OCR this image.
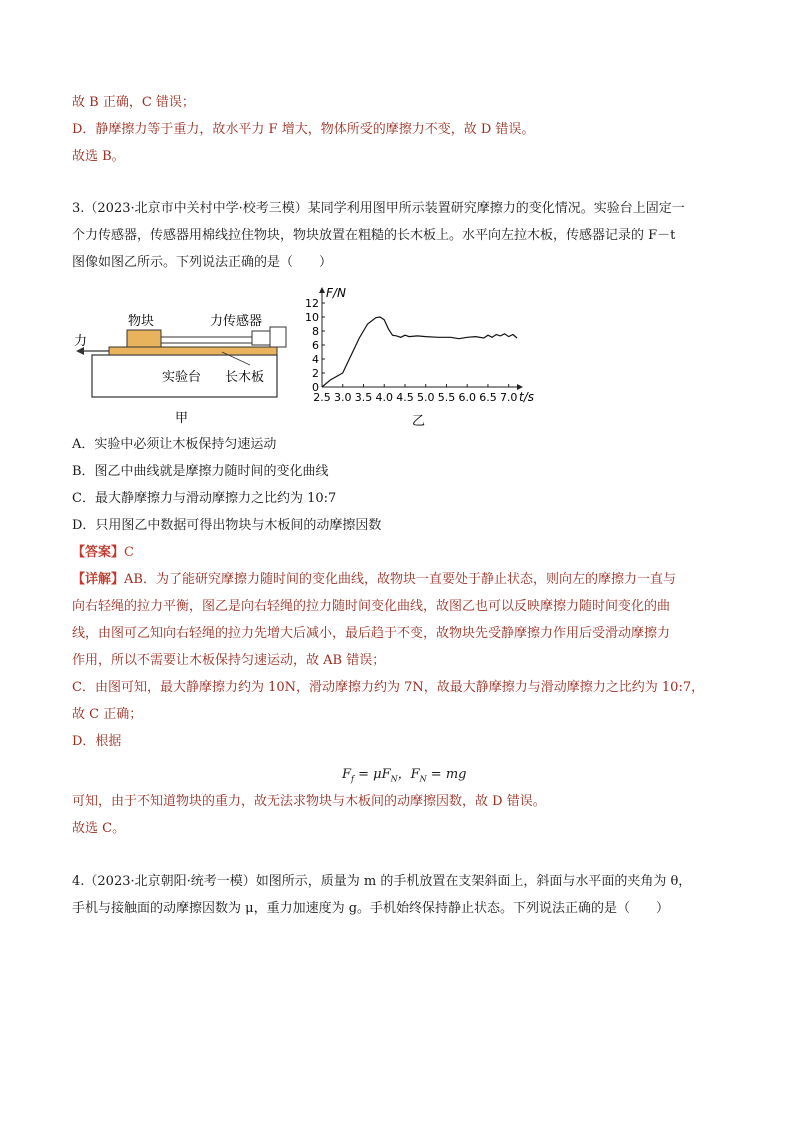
故 B 正确，C 错误；
D．静摩擦力等于重力，故水平力 F 增大，物体所受的摩擦力不变，故 D 错误。
故选 B。
3.（2023·北京市中关村中学·校考三模）某同学利用图甲所示装置研究摩擦力的变化情况。实验台上固定一
个力传感器，传感器用棉线拉住物块，物块放置在粗糙的长木板上。水平向左拉木板，传感器记录的 F－t
图像如图乙所示。下列说法正确的是（　　）
物块	力传感器
力
实验台 长木板
甲
0
2
4
6
8
10
12
2.5 3.0 3.5 4.0 4.5 5.0 5.5 6.0 6.5 7.0
F/N
t/s
乙
A．实验中必须让木板保持匀速运动
B．图乙中曲线就是摩擦力随时间的变化曲线
C．最大静摩擦力与滑动摩擦力之比约为 10:7
D．只用图乙中数据可得出物块与木板间的动摩擦因数
【答案】C
【详解】AB．为了能研究摩擦力随时间的变化曲线，故物块一直要处于静止状态，则向左的摩擦力一直与
向右轻绳的拉力平衡，图乙是向右轻绳的拉力随时间变化曲线，故图乙也可以反映摩擦力随时间变化的曲
线，由图可乙知向右轻绳的拉力先增大后减小，最后趋于不变，故物块先受静摩擦力作用后受滑动摩擦力
作用，所以不需要让木板保持匀速运动，故 AB 错误；
C．由图可知，最大静摩擦力约为 10N，滑动摩擦力约为 7N，故最大静摩擦力与滑动摩擦力之比约为 10:7，
故 C 正确；
D．根据
$F_f = \mu F_N$，$F_N$ = mg
可知，由于不知道物块的重力，故无法求物块与木板间的动摩擦因数，故 D 错误。
故选 C。
4.（2023·北京朝阳·统考一模）如图所示，质量为 m 的手机放置在支架斜面上，斜面与水平面的夹角为 θ，
手机与接触面的动摩擦因数为 μ，重力加速度为 g。手机始终保持静止状态。下列说法正确的是（　　）
